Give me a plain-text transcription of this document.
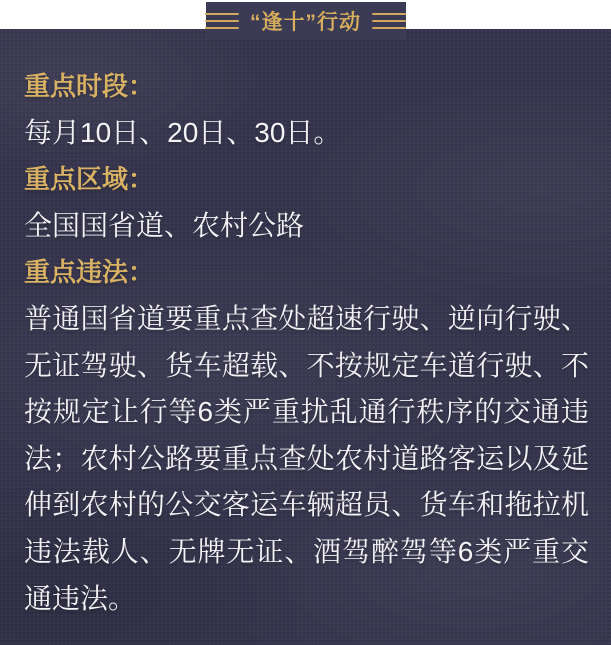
“逢十”行动
重点时段：
每月10日、20日、30日。
重点区域：
全国国省道、农村公路
重点违法：
普通国省道要重点查处超速行驶、逆向行驶、无证驾驶、货车超载、不按规定车道行驶、不按规定让行等6类严重扰乱通行秩序的交通违法；农村公路要重点查处农村道路客运以及延伸到农村的公交客运车辆超员、货车和拖拉机违法载人、无牌无证、酒驾醉驾等6类严重交通违法。
